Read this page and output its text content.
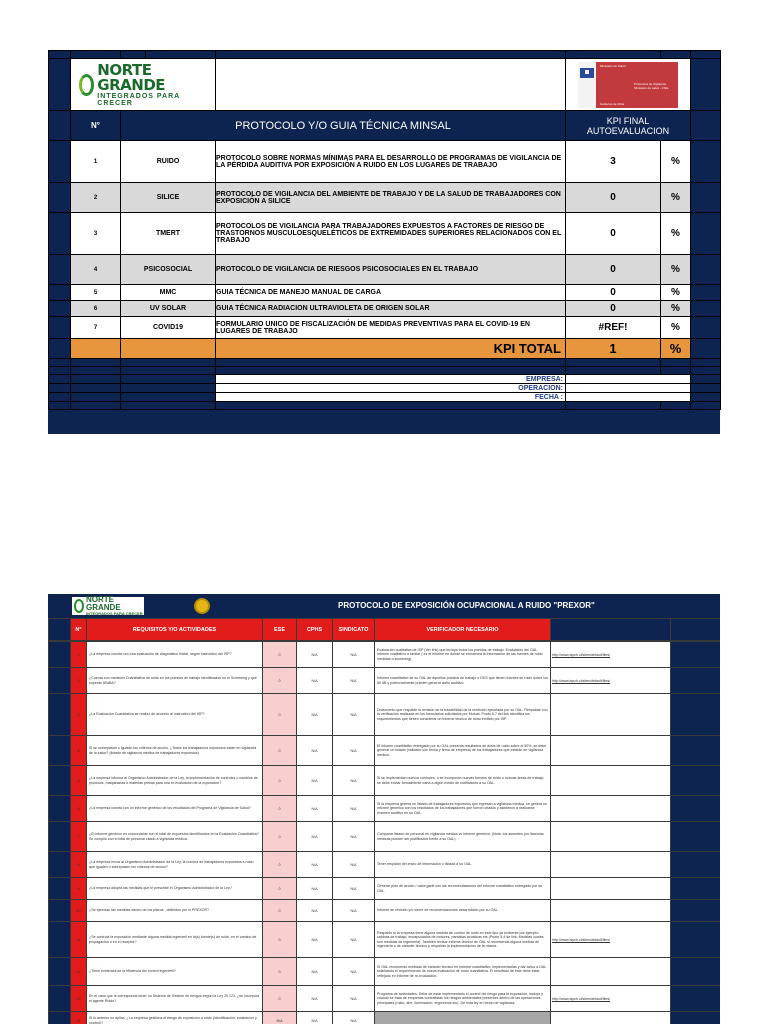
	NORTE GRANDE
INTEGRADOS PARA CRECER				Ministerio de Salud
Protocolos de Vigilancia Ministerio de salud - Chile
Gobierno de Chile		

	N°	PROTOCOLO Y/O GUIA TÉCNICA MINSAL			KPI FINAL
AUTOEVALUACION		

	1	RUIDO		PROTOCOLO SOBRE NORMAS MÍNIMAS PARA EL DESARROLLO DE PROGRAMAS DE VIGILANCIA DE LA PÉRDIDA AUDITIVA POR EXPOSICIÓN A RUIDO EN LOS LUGARES DE TRABAJO	3	%	
	2	SILICE		PROTOCOLO DE VIGILANCIA DEL AMBIENTE DE TRABAJO Y DE LA SALUD DE TRABAJADORES CON EXPOSICIÓN A SILICE	0	%	
	3	TMERT		PROTOCOLOS DE VIGILANCIA PARA TRABAJADORES EXPUESTOS A FACTORES DE RIESGO DE TRASTORNOS MUSCULOESQUELÉTICOS DE EXTREMIDADES SUPERIORES RELACIONADOS CON EL TRABAJO	0	%	
	4	PSICOSOCIAL		PROTOCOLO DE VIGILANCIA DE RIESGOS PSICOSOCIALES EN EL TRABAJO	0	%	
	5	MMC		GUIA TÉCNICA DE MANEJO MANUAL DE CARGA	0	%	
	6	UV SOLAR		GUIA TÉCNICA RADIACION ULTRAVIOLETA DE ORIGEN SOLAR	0	%	
	7	COVID19		FORMULARIO UNICO DE FISCALIZACIÓN DE MEDIDAS PREVENTIVAS PARA EL COVID-19 EN LUGARES DE TRABAJO	#REF!	%	
				KPI TOTAL	1	%	

				EMPRESA:			
				OPERACION:			
				FECHA :			

NORTE GRANDE
INTEGRADOS PARA CRECER
PROTOCOLO DE EXPOSICIÓN OCUPACIONAL A RUIDO "PREXOR"
	N°	REQUISITOS Y/O ACTIVIDADES	ESE	CPHS	SINDICATO	VERIFICADOR NECESARIO		
	1	¿La empresa cuenta con una evaluación de diagnóstico inicial, según instructivo del ISP?	0	N/A	N/A	Evaluación cualitativa de ISP (Ver link) que incluya todos los puestos de trabajo. Evaluación del OAL informe cualitativo o similar ( es el informe en donde se encuentra la información de las fuentes de ruido medidas o screening)	http://www.ispch.cl/sites/default/files/	
	2	¿Cuenta con medición Cuantitativa de ruido en los puestos de trabajo identificados en el Screening y que superan 80dBA?	0	N/A	N/A	Informe cuantitativo de su OAL de aquellos puestos de trabajo o GES que tienen fuentes de ruido sobre los 80 dB y potencialmente pueden generar daño auditivo.	http://www.ispch.cl/sites/default/files/	
	3	¿La Evaluación Cuantitativa se realizó de acuerdo al instructivo del ISP?	0	N/A	N/A	Documento que respalde la revisión de la trazabilidad de la medición ejecutada por su OAL. Respaldar con la verificación realizada en los formularios solicitados por Mutual. Punto 6.7 del link identifica los requerimientos que deben considerar un informe técnico de ruido emitido por ISP.		
	4	Si se sobrepasan o igualan los criterios de acción, ¿Todos los trabajadores expuestos están en vigilancia de la salud? (listado de vigilancia médica de trabajadores expuestos)	0	N/A	N/A	El informe cuantitativo entregado por su OAL presenta resultados de dosis de ruido sobre el 50%, se debe generar un listado (validado con fecha y firma de empresa) de los trabajadores que estarán en vigilancia médica.		
	5	¿La empresa informa al Organismo Administrador de la Ley, la implementación de controles o cambios de procesos, maquinarias o materias primas para una re-evaluación de la exposición?	0	N/A	N/A	Si se implementan nuevos controles, o se incorporan nuevas fuentes de ruido o nuevas áreas de trabajo, se debe enviar formalmente carta a algún medio de notificación a su OAL.		
	6	¿La empresa cuenta con un informe genérico de los resultados del Programa de Vigilancia de Salud?	0	N/A	N/A	Si la empresa genera un listado de trabajadores expuestos que ingresan a vigilancia médica, se genera un informe genérico con los resultados de los trabajadores que fueron citados y asistieron a realizarse examen auditivo en su OAL.		
	7	¿El informe genérico es concordante con el total de expuestos identificados en la Evaluación Cuantitativa? Se cumplió con el total de personal citado a vigilancia médica.	0	N/A	N/A	Comparar listado de personal en vigilancia médica vs informe genérico. (Nota: los ausentes por licencias médicas pueden ser justificados frente a su OAL).		
	8	¿La empresa envía al Organismo Administrador de la Ley, la nómina de trabajadores expuestos a ruido que igualen o sobrepasen los criterios de acción?	0	N/A	N/A	Tener respaldo del envío de información o listado a su OAL.		
	9	¿La empresa adopta las medidas que le prescribe el Organismo Administrador de la Ley?	0	N/A	N/A	Generar plan de acción / carta gantt con las recomendaciones del informe cuantitativo entregado por su OAL.		
	10	¿Se ejecutan las medidas dentro de los plazos , definidos por el PREXOR?	0	N/A	N/A	Informe de revisión y/o cierre de recomendaciones desarrollado por su OAL.		
	11	¿Se controla la exposición mediante alguna medida ingenieril en la(s) fuente(s) de ruido, en el camino de propagación o en el receptor?	0	N/A	N/A	Respaldo si la empresa tiene alguna medida de control de ruido en este tipo ya existente por ejemplo: cabinas de trabajo, encapsulados de motores, pantallas acústicas etc (Punto 5.4 de link: Medidas cuales son medidas de ingeniería). También revisar informe técnico de OAL si recomienda alguna medida de ingeniería o de carácter técnico y respaldar la implementación de la misma.	http://www.ispch.cl/sites/default/files/	
	12	¿Tiene evidencia de la eficiencia del control ingenieril?	0	N/A	N/A	Si OAL recomendó medidas de carácter técnico en informe cuantitativo, implementarlas y dar aviso a OAL solicitando el requerimiento de nueva evaluación de ruido cuantitativa. El resultado de éste debe estar reflejado en informe de re-evaluación.		
	13	En el caso que le corresponda tener un Sistema de Gestión de riesgos según la Ley 20.123, ¿se incorpora el agente Ruido?	0	N/A	N/A	Programa de actividades: Debe de estar implementado el control del riesgo para la exposición, incluye y cuando se trata de empresas contratistas los riesgos ambientales presentes dentro de las operaciones principales (ruido, aire, iluminación, ergonomía etc). De esta ley en fondo de vigilancia.	http://www.ispch.cl/sites/default/files/	
	14	Si lo anterior no aplica, ¿La empresa gestiona el riesgo de exposición a ruido (identificación, evaluación y control)?	N/A	N/A	N/A			
